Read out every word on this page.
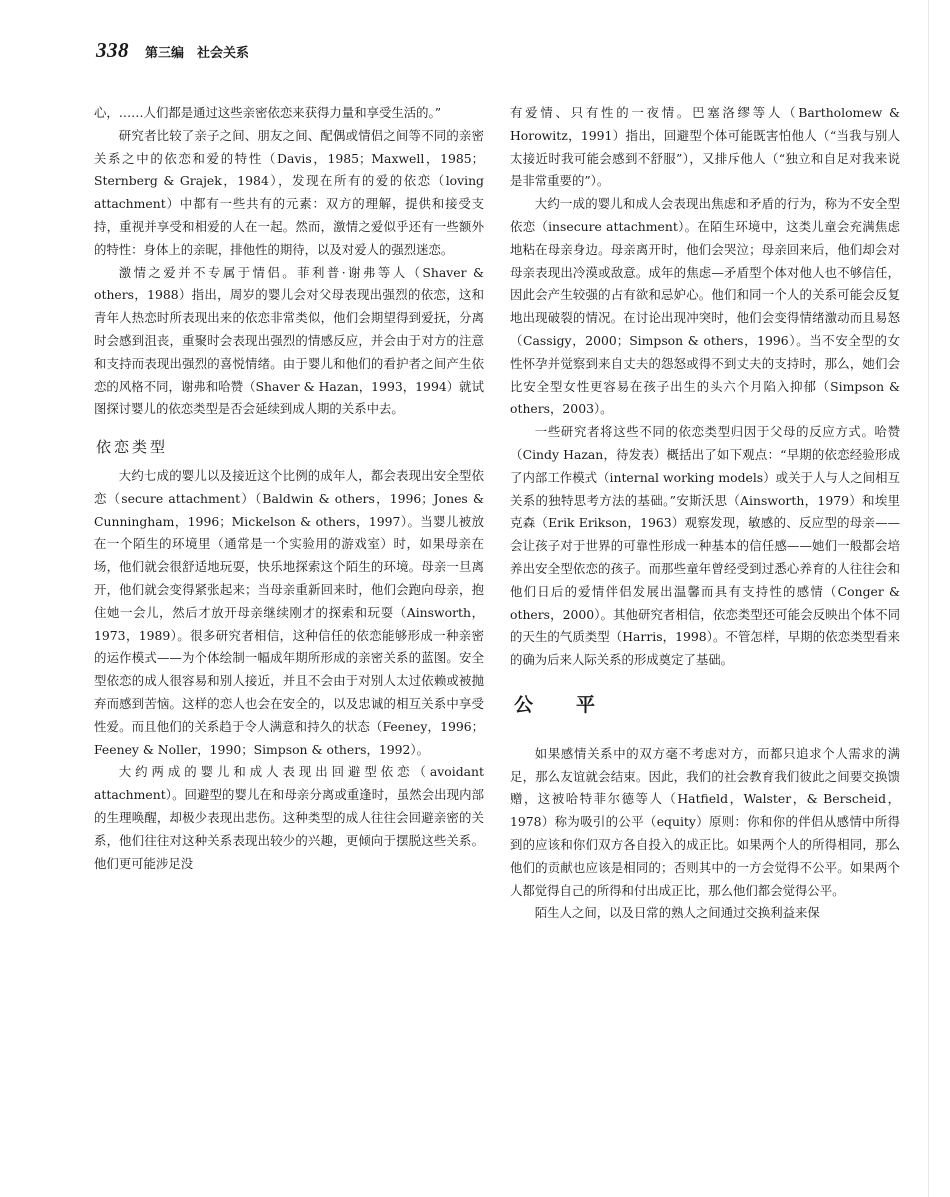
338 第三编　社会关系

心，……人们都是通过这些亲密依恋来获得力量和享受生活的。”

研究者比较了亲子之间、朋友之间、配偶或情侣之间等不同的亲密关系之中的依恋和爱的特性（Davis，1985；Maxwell，1985；Sternberg & Grajek，1984），发现在所有的爱的依恋（loving attachment）中都有一些共有的元素：双方的理解，提供和接受支持，重视并享受和相爱的人在一起。然而，激情之爱似乎还有一些额外的特性：身体上的亲昵，排他性的期待，以及对爱人的强烈迷恋。

激情之爱并不专属于情侣。菲利普·谢弗等人（Shaver & others，1988）指出，周岁的婴儿会对父母表现出强烈的依恋，这和青年人热恋时所表现出来的依恋非常类似，他们会期望得到爱抚，分离时会感到沮丧，重聚时会表现出强烈的情感反应，并会由于对方的注意和支持而表现出强烈的喜悦情绪。由于婴儿和他们的看护者之间产生依恋的风格不同，谢弗和哈赞（Shaver & Hazan，1993，1994）就试图探讨婴儿的依恋类型是否会延续到成人期的关系中去。

依恋类型

大约七成的婴儿以及接近这个比例的成年人，都会表现出安全型依恋（secure attachment）（Baldwin & others，1996；Jones & Cunningham，1996；Mickelson & others，1997）。当婴儿被放在一个陌生的环境里（通常是一个实验用的游戏室）时，如果母亲在场，他们就会很舒适地玩耍，快乐地探索这个陌生的环境。母亲一旦离开，他们就会变得紧张起来；当母亲重新回来时，他们会跑向母亲，抱住她一会儿，然后才放开母亲继续刚才的探索和玩耍（Ainsworth，1973，1989）。很多研究者相信，这种信任的依恋能够形成一种亲密的运作模式——为个体绘制一幅成年期所形成的亲密关系的蓝图。安全型依恋的成人很容易和别人接近，并且不会由于对别人太过依赖或被抛弃而感到苦恼。这样的恋人也会在安全的，以及忠诚的相互关系中享受性爱。而且他们的关系趋于令人满意和持久的状态（Feeney，1996；Feeney & Noller，1990；Simpson & others，1992）。

大约两成的婴儿和成人表现出回避型依恋（avoidant attachment）。回避型的婴儿在和母亲分离或重逢时，虽然会出现内部的生理唤醒，却极少表现出悲伤。这种类型的成人往往会回避亲密的关系，他们往往对这种关系表现出较少的兴趣，更倾向于摆脱这些关系。他们更可能涉足没

有爱情、只有性的一夜情。巴塞洛缪等人（Bartholomew & Horowitz，1991）指出，回避型个体可能既害怕他人（“当我与别人太接近时我可能会感到不舒服”），又排斥他人（“独立和自足对我来说是非常重要的”）。

大约一成的婴儿和成人会表现出焦虑和矛盾的行为，称为不安全型依恋（insecure attachment）。在陌生环境中，这类儿童会充满焦虑地粘在母亲身边。母亲离开时，他们会哭泣；母亲回来后，他们却会对母亲表现出冷漠或敌意。成年的焦虑—矛盾型个体对他人也不够信任，因此会产生较强的占有欲和忌妒心。他们和同一个人的关系可能会反复地出现破裂的情况。在讨论出现冲突时，他们会变得情绪激动而且易怒（Cassigy，2000；Simpson & others，1996）。当不安全型的女性怀孕并觉察到来自丈夫的怨怒或得不到丈夫的支持时，那么，她们会比安全型女性更容易在孩子出生的头六个月陷入抑郁（Simpson & others，2003）。

一些研究者将这些不同的依恋类型归因于父母的反应方式。哈赞（Cindy Hazan，待发表）概括出了如下观点：“早期的依恋经验形成了内部工作模式（internal working models）或关于人与人之间相互关系的独特思考方法的基础。”安斯沃思（Ainsworth，1979）和埃里克森（Erik Erikson，1963）观察发现，敏感的、反应型的母亲——会让孩子对于世界的可靠性形成一种基本的信任感——她们一般都会培养出安全型依恋的孩子。而那些童年曾经受到过悉心养育的人往往会和他们日后的爱情伴侣发展出温馨而具有支持性的感情（Conger & others，2000）。其他研究者相信，依恋类型还可能会反映出个体不同的天生的气质类型（Harris，1998）。不管怎样，早期的依恋类型看来的确为后来人际关系的形成奠定了基础。

公　平

如果感情关系中的双方毫不考虑对方，而都只追求个人需求的满足，那么友谊就会结束。因此，我们的社会教育我们彼此之间要交换馈赠，这被哈特菲尔德等人（Hatfield，Walster，& Berscheid，1978）称为吸引的公平（equity）原则：你和你的伴侣从感情中所得到的应该和你们双方各自投入的成正比。如果两个人的所得相同，那么他们的贡献也应该是相同的；否则其中的一方会觉得不公平。如果两个人都觉得自己的所得和付出成正比，那么他们都会觉得公平。

陌生人之间，以及日常的熟人之间通过交换利益来保
